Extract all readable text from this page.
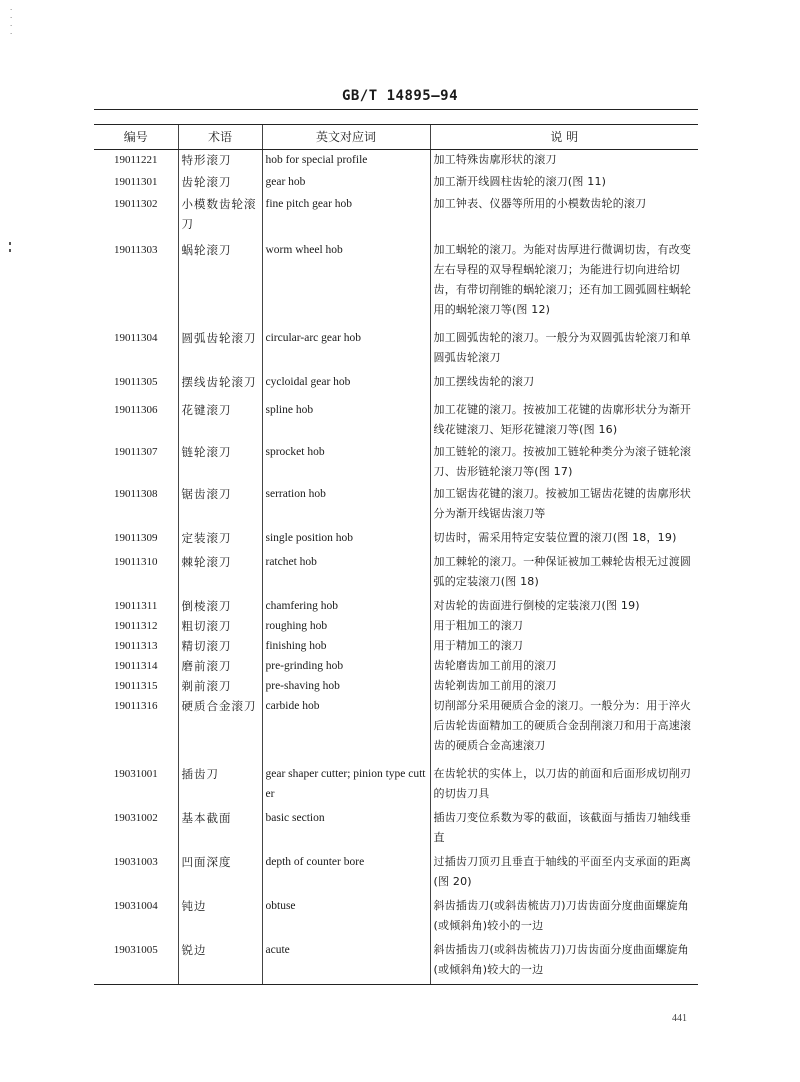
· · · ·
GB/T 14895—94
编号	术语	英文对应词	说 明
19011221	特形滚刀	hob for special profile	加工特殊齿廓形状的滚刀
19011301	齿轮滚刀	gear hob	加工渐开线圆柱齿轮的滚刀(图 11)
19011302	小模数齿轮滚刀	fine pitch gear hob	加工钟表、仪器等所用的小模数齿轮的滚刀
19011303	蜗轮滚刀	worm wheel hob	加工蜗轮的滚刀。为能对齿厚进行微调切齿，有改变左右导程的双导程蜗轮滚刀；为能进行切向进给切齿，有带切削锥的蜗轮滚刀；还有加工圆弧圆柱蜗轮用的蜗轮滚刀等(图 12)
19011304	圆弧齿轮滚刀	circular-arc gear hob	加工圆弧齿轮的滚刀。一般分为双圆弧齿轮滚刀和单圆弧齿轮滚刀
19011305	摆线齿轮滚刀	cycloidal gear hob	加工摆线齿轮的滚刀
19011306	花键滚刀	spline hob	加工花键的滚刀。按被加工花键的齿廓形状分为渐开线花键滚刀、矩形花键滚刀等(图 16)
19011307	链轮滚刀	sprocket hob	加工链轮的滚刀。按被加工链轮种类分为滚子链轮滚刀、齿形链轮滚刀等(图 17)
19011308	锯齿滚刀	serration hob	加工锯齿花键的滚刀。按被加工锯齿花键的齿廓形状分为渐开线锯齿滚刀等
19011309	定装滚刀	single position hob	切齿时，需采用特定安装位置的滚刀(图 18，19)
19011310	棘轮滚刀	ratchet hob	加工棘轮的滚刀。一种保证被加工棘轮齿根无过渡圆弧的定装滚刀(图 18)
19011311	倒棱滚刀	chamfering hob	对齿轮的齿面进行倒棱的定装滚刀(图 19)
19011312	粗切滚刀	roughing hob	用于粗加工的滚刀
19011313	精切滚刀	finishing hob	用于精加工的滚刀
19011314	磨前滚刀	pre-grinding hob	齿轮磨齿加工前用的滚刀
19011315	剃前滚刀	pre-shaving hob	齿轮剃齿加工前用的滚刀
19011316	硬质合金滚刀	carbide hob	切削部分采用硬质合金的滚刀。一般分为：用于淬火后齿轮齿面精加工的硬质合金刮削滚刀和用于高速滚齿的硬质合金高速滚刀
19031001	插齿刀	gear shaper cutter; pinion type cutter	在齿轮状的实体上，以刀齿的前面和后面形成切削刃的切齿刀具
19031002	基本截面	basic section	插齿刀变位系数为零的截面，该截面与插齿刀轴线垂直
19031003	凹面深度	depth of counter bore	过插齿刀顶刃且垂直于轴线的平面至内支承面的距离(图 20)
19031004	钝边	obtuse	斜齿插齿刀(或斜齿梳齿刀)刀齿齿面分度曲面螺旋角(或倾斜角)较小的一边
19031005	锐边	acute	斜齿插齿刀(或斜齿梳齿刀)刀齿齿面分度曲面螺旋角(或倾斜角)较大的一边
441
